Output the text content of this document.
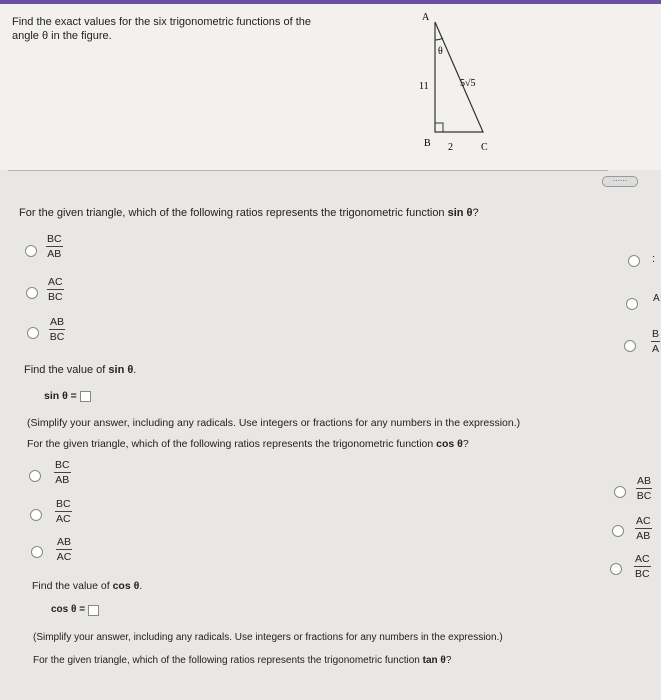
Find the exact values for the six trigonometric functions of the
angle θ in the figure.
A
θ
11	5√5
B 2	C
⋯⋯
For the given triangle, which of the following ratios represents the trigonometric function sin θ?
$\frac{BC}{AB}$
$\frac{AC}{BC}$
$\frac{AB}{BC}$
:
A
$\frac{B}{A}$
Find the value of sin θ.
sin θ =
(Simplify your answer, including any radicals. Use integers or fractions for any numbers in the expression.)
For the given triangle, which of the following ratios represents the trigonometric function cos θ?
$\frac{BC}{AB}$
$\frac{BC}{AC}$
$\frac{AB}{AC}$
$\frac{AB}{BC}$
$\frac{AC}{AB}$
$\frac{AC}{BC}$
Find the value of cos θ.
cos θ =
(Simplify your answer, including any radicals. Use integers or fractions for any numbers in the expression.)
For the given triangle, which of the following ratios represents the trigonometric function tan θ?
